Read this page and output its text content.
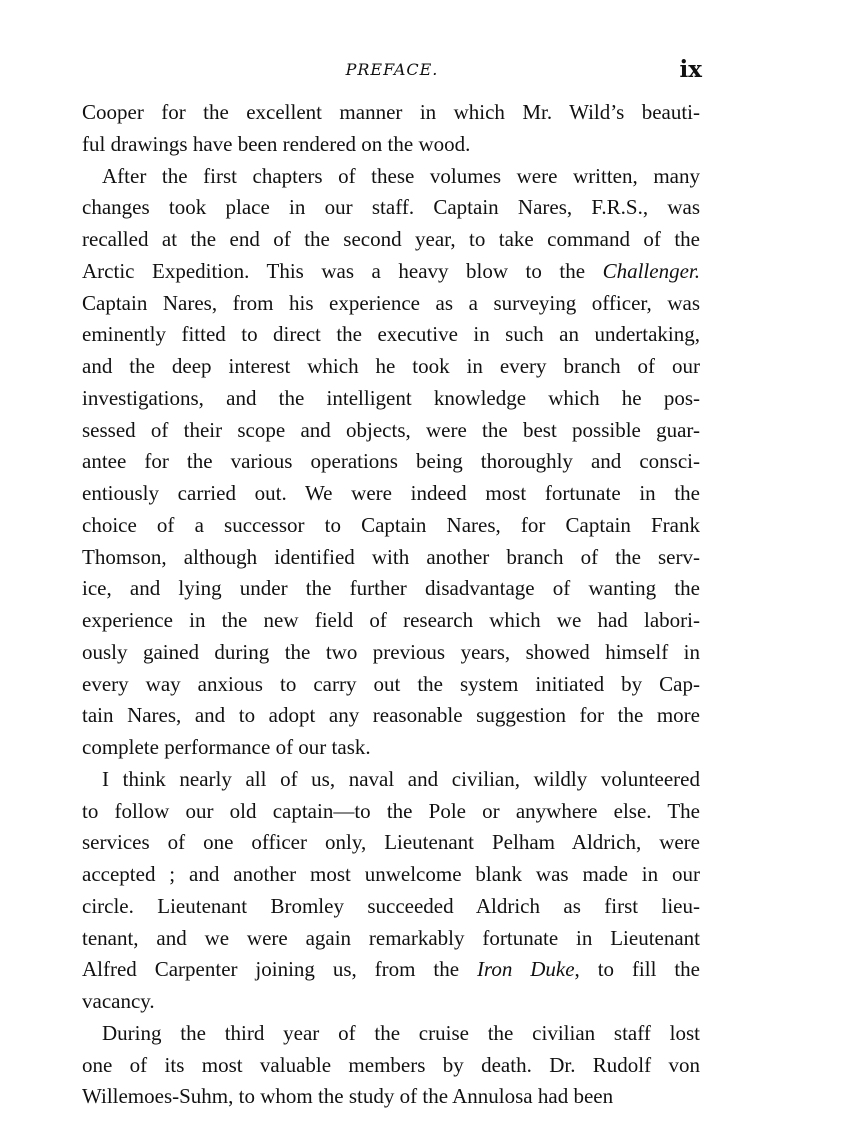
PREFACE.	ix
Cooper for the excellent manner in which Mr. Wild’s beauti-
ful drawings have been rendered on the wood.
After the first chapters of these volumes were written, many
changes took place in our staff. Captain Nares, F.R.S., was
recalled at the end of the second year, to take command of the
Arctic Expedition. This was a heavy blow to the Challenger.
Captain Nares, from his experience as a surveying officer, was
eminently fitted to direct the executive in such an undertaking,
and the deep interest which he took in every branch of our
investigations, and the intelligent knowledge which he pos-
sessed of their scope and objects, were the best possible guar-
antee for the various operations being thoroughly and consci-
entiously carried out. We were indeed most fortunate in the
choice of a successor to Captain Nares, for Captain Frank
Thomson, although identified with another branch of the serv-
ice, and lying under the further disadvantage of wanting the
experience in the new field of research which we had labori-
ously gained during the two previous years, showed himself in
every way anxious to carry out the system initiated by Cap-
tain Nares, and to adopt any reasonable suggestion for the more
complete performance of our task.
I think nearly all of us, naval and civilian, wildly volunteered
to follow our old captain—to the Pole or anywhere else. The
services of one officer only, Lieutenant Pelham Aldrich, were
accepted ; and another most unwelcome blank was made in our
circle. Lieutenant Bromley succeeded Aldrich as first lieu-
tenant, and we were again remarkably fortunate in Lieutenant
Alfred Carpenter joining us, from the Iron Duke, to fill the
vacancy.
During the third year of the cruise the civilian staff lost
one of its most valuable members by death. Dr. Rudolf von
Willemoes-Suhm, to whom the study of the Annulosa had been
